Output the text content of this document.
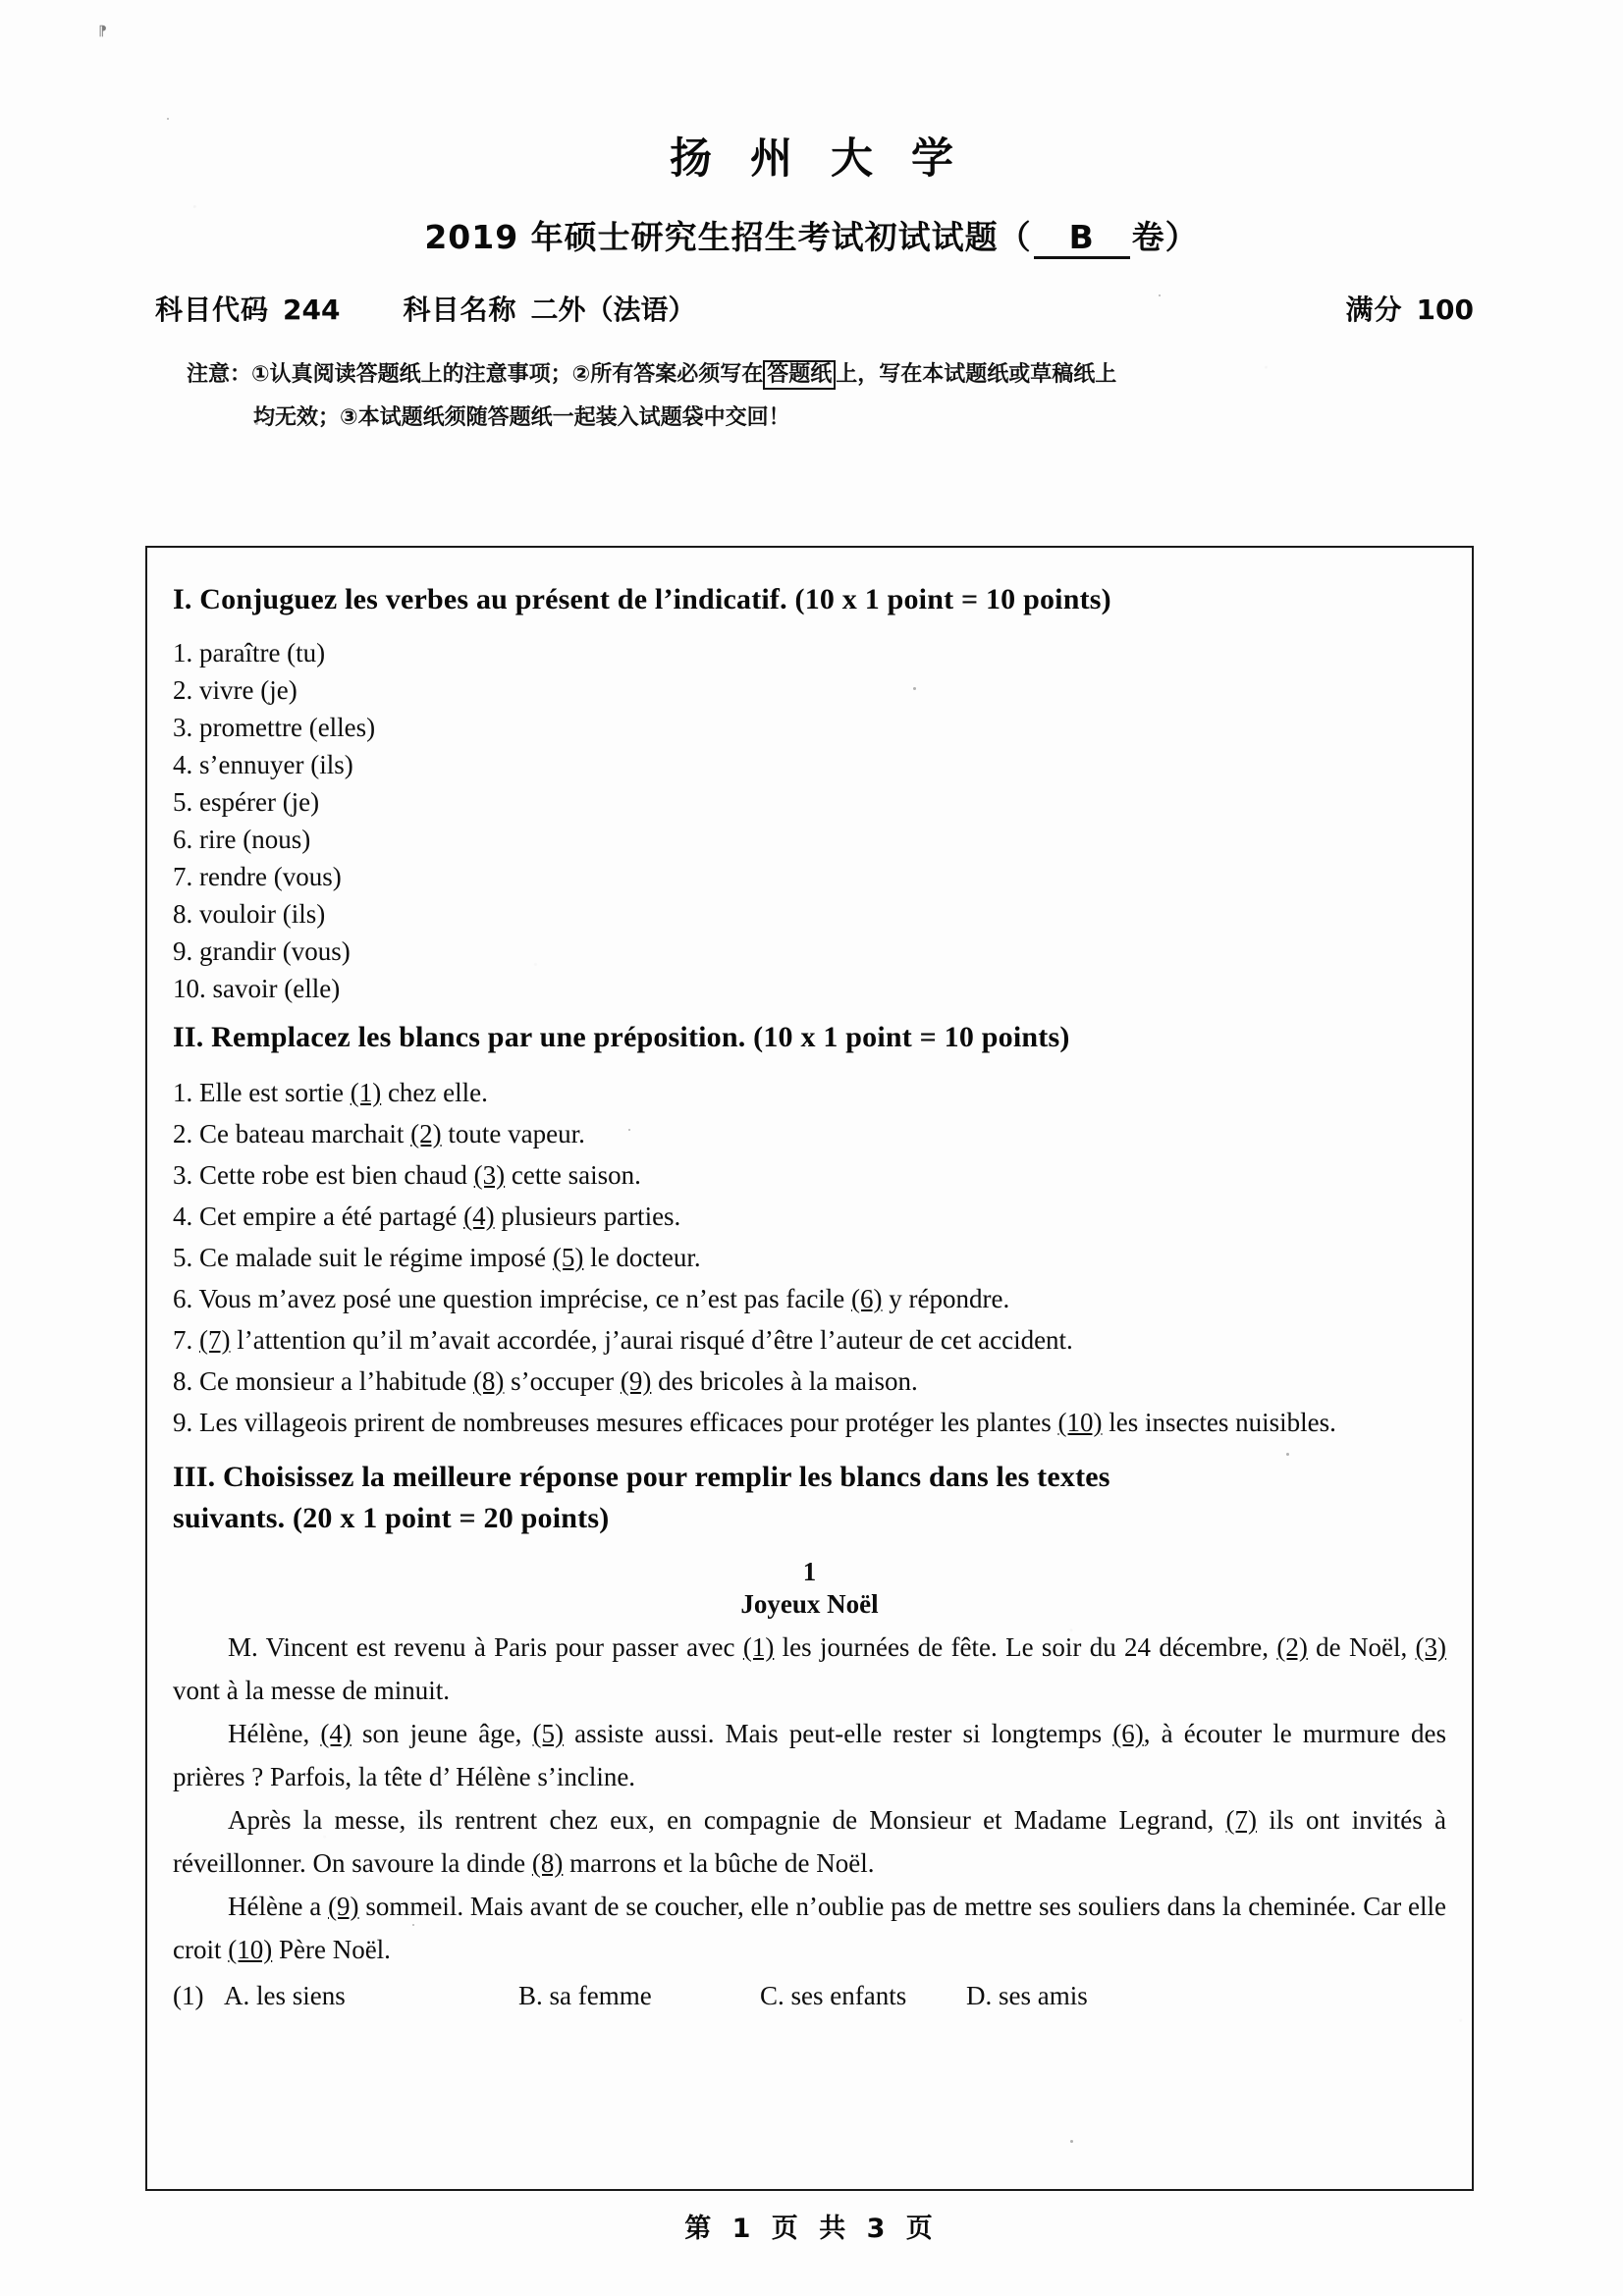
⁋
扬 州 大 学
2019 年硕士研究生招生考试初试试题（ B 卷）
科目代码 244 科目名称 二外（法语）	满分 100
注意：①认真阅读答题纸上的注意事项；②所有答案必须写在 答题纸 上，写在本试题纸或草稿纸上
均无效；③本试题纸须随答题纸一起装入试题袋中交回！
I. Conjuguez les verbes au présent de l’indicatif. (10 x 1 point = 10 points)
1. paraître (tu)
2. vivre (je)
3. promettre (elles)
4. s’ennuyer (ils)
5. espérer (je)
6. rire (nous)
7. rendre (vous)
8. vouloir (ils)
9. grandir (vous)
10. savoir (elle)
II. Remplacez les blancs par une préposition. (10 x 1 point = 10 points)
1. Elle est sortie (1) chez elle.
2. Ce bateau marchait (2) toute vapeur.
3. Cette robe est bien chaud (3) cette saison.
4. Cet empire a été partagé (4) plusieurs parties.
5. Ce malade suit le régime imposé (5) le docteur.
6. Vous m’avez posé une question imprécise, ce n’est pas facile (6) y répondre.
7. (7) l’attention qu’il m’avait accordée, j’aurai risqué d’être l’auteur de cet accident.
8. Ce monsieur a l’habitude (8) s’occuper (9) des bricoles à la maison.
9. Les villageois prirent de nombreuses mesures efficaces pour protéger les plantes (10) les insectes nuisibles.
III. Choisissez la meilleure réponse pour remplir les blancs dans les textes
suivants. (20 x 1 point = 20 points)
1
Joyeux Noël

M. Vincent est revenu à Paris pour passer avec (1) les journées de fête. Le soir du 24 décembre, (2) de Noël, (3) vont à la messe de minuit.

Hélène, (4) son jeune âge, (5) assiste aussi. Mais peut-elle rester si longtemps (6), à écouter le murmure des prières ? Parfois, la tête d’ Hélène s’incline.

Après la messe, ils rentrent chez eux, en compagnie de Monsieur et Madame Legrand, (7) ils ont invités à réveillonner. On savoure la dinde (8) marrons et la bûche de Noël.

Hélène a (9) sommeil. Mais avant de se coucher, elle n’oublie pas de mettre ses souliers dans la cheminée. Car elle croit (10) Père Noël.

(1) A. les siens	B. sa femme	C. ses enfants	D. ses amis
第 1 页 共 3 页
